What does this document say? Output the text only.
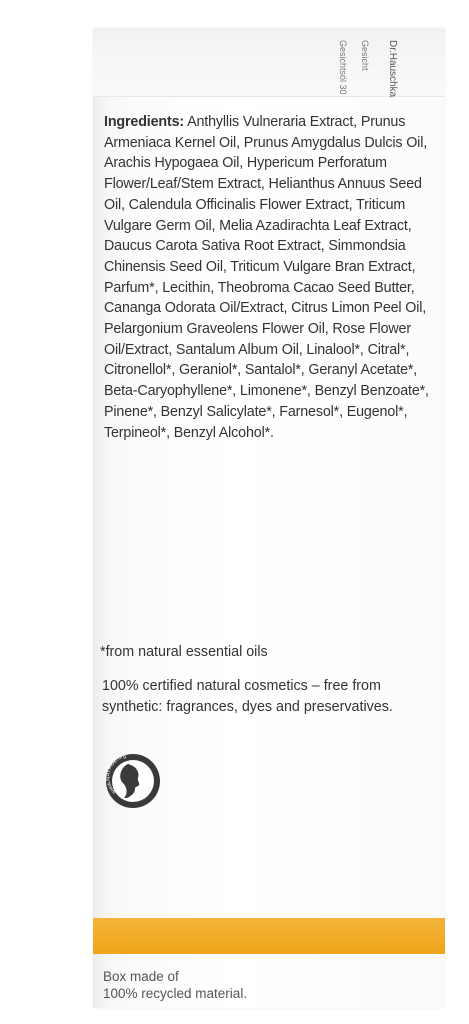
Dr.Hauschka
Gesicht
Gesichtsöl 30
Ingredients: Anthyllis Vulneraria Extract, Prunus Armeniaca Kernel Oil, Prunus Amygdalus Dulcis Oil, Arachis Hypogaea Oil, Hypericum Perforatum Flower/Leaf/Stem Extract, Helianthus Annuus Seed Oil, Calendula Officinalis Flower Extract, Triticum Vulgare Germ Oil, Melia Azadirachta Leaf Extract, Daucus Carota Sativa Root Extract, Simmondsia Chinensis Seed Oil, Triticum Vulgare Bran Extract, Parfum*, Lecithin, Theobroma Cacao Seed Butter, Cananga Odorata Oil/Extract, Citrus Limon Peel Oil, Pelargonium Graveolens Flower Oil, Rose Flower Oil/Extract, Santalum Album Oil, Linalool*, Citral*, Citronellol*, Geraniol*, Santalol*, Geranyl Acetate*, Beta-Caryophyllene*, Limonene*, Benzyl Benzoate*, Pinene*, Benzyl Salicylate*, Farnesol*, Eugenol*, Terpineol*, Benzyl Alcohol*.
*from natural essential oils
100% certified natural cosmetics – free from synthetic: fragrances, dyes and preservatives.
www.NATRUE.org
Box made of
100% recycled material.
